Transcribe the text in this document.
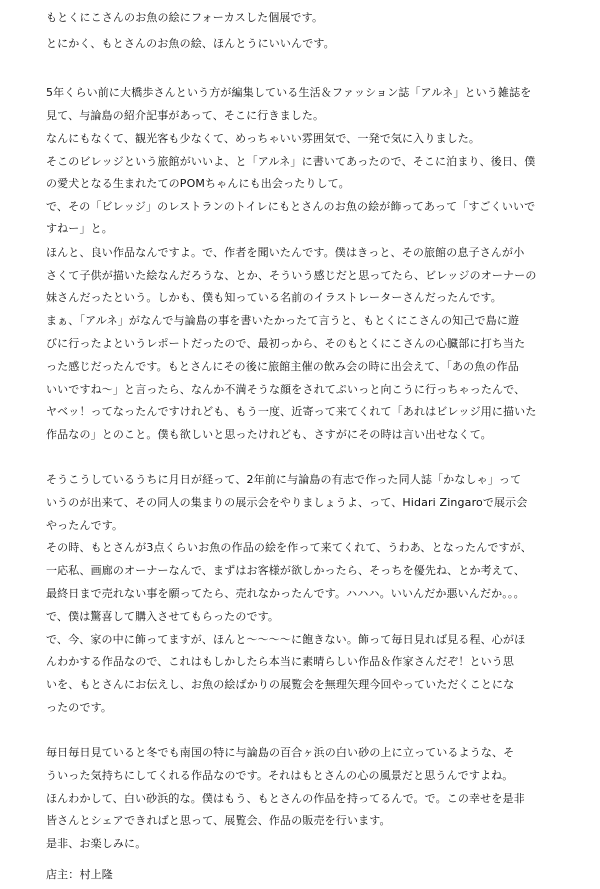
もとくにこさんのお魚の絵にフォーカスした個展です。

とにかく、もとさんのお魚の絵、ほんとうにいいんです。

5年くらい前に大橋歩さんという方が編集している生活＆ファッション誌「アルネ」という雑誌を

見て、与論島の紹介記事があって、そこに行きました。

なんにもなくて、観光客も少なくて、めっちゃいい雰囲気で、一発で気に入りました。

そこのビレッジという旅館がいいよ、と「アルネ」に書いてあったので、そこに泊まり、後日、僕

の愛犬となる生まれたてのPOMちゃんにも出会ったりして。

で、その「ビレッジ」のレストランのトイレにもとさんのお魚の絵が飾ってあって「すごくいいで

すねー」と。

ほんと、良い作品なんですよ。で、作者を聞いたんです。僕はきっと、その旅館の息子さんが小

さくて子供が描いた絵なんだろうな、とか、そういう感じだと思ってたら、ビレッジのオーナーの

妹さんだったという。しかも、僕も知っている名前のイラストレーターさんだったんです。

まぁ、「アルネ」がなんで与論島の事を書いたかったて言うと、もとくにこさんの知己で島に遊

びに行ったよというレポートだったので、最初っから、そのもとくにこさんの心臓部に打ち当た

った感じだったんです。もとさんにその後に旅館主催の飲み会の時に出会えて、「あの魚の作品

いいですね～」と言ったら、なんか不満そうな顔をされてぷいっと向こうに行っちゃったんで、

ヤベッ！ってなったんですけれども、もう一度、近寄って来てくれて「あれはビレッジ用に描いた

作品なの」とのこと。僕も欲しいと思ったけれども、さすがにその時は言い出せなくて。

そうこうしているうちに月日が経って、2年前に与論島の有志で作った同人誌「かなしゃ」って

いうのが出来て、その同人の集まりの展示会をやりましょうよ、って、Hidari Zingaroで展示会

やったんです。

その時、もとさんが3点くらいお魚の作品の絵を作って来てくれて、うわあ、となったんですが、

一応私、画廊のオーナーなんで、まずはお客様が欲しかったら、そっちを優先ね、とか考えて、

最終日まで売れない事を願ってたら、売れなかったんです。ハハハ。いいんだか悪いんだか。。。

で、僕は驚喜して購入させてもらったのです。

で、今、家の中に飾ってますが、ほんと～～～～に飽きない。飾って毎日見れば見る程、心がほ

んわかする作品なので、これはもしかしたら本当に素晴らしい作品＆作家さんだぞ！という思

いを、もとさんにお伝えし、お魚の絵ばかりの展覧会を無理矢理今回やっていただくことにな

ったのです。

毎日毎日見ていると冬でも南国の特に与論島の百合ヶ浜の白い砂の上に立っているような、そ

ういった気持ちにしてくれる作品なのです。それはもとさんの心の風景だと思うんですよね。

ほんわかして、白い砂浜的な。僕はもう、もとさんの作品を持ってるんで。で。この幸せを是非

皆さんとシェアできればと思って、展覧会、作品の販売を行います。

是非、お楽しみに。

店主：村上隆
